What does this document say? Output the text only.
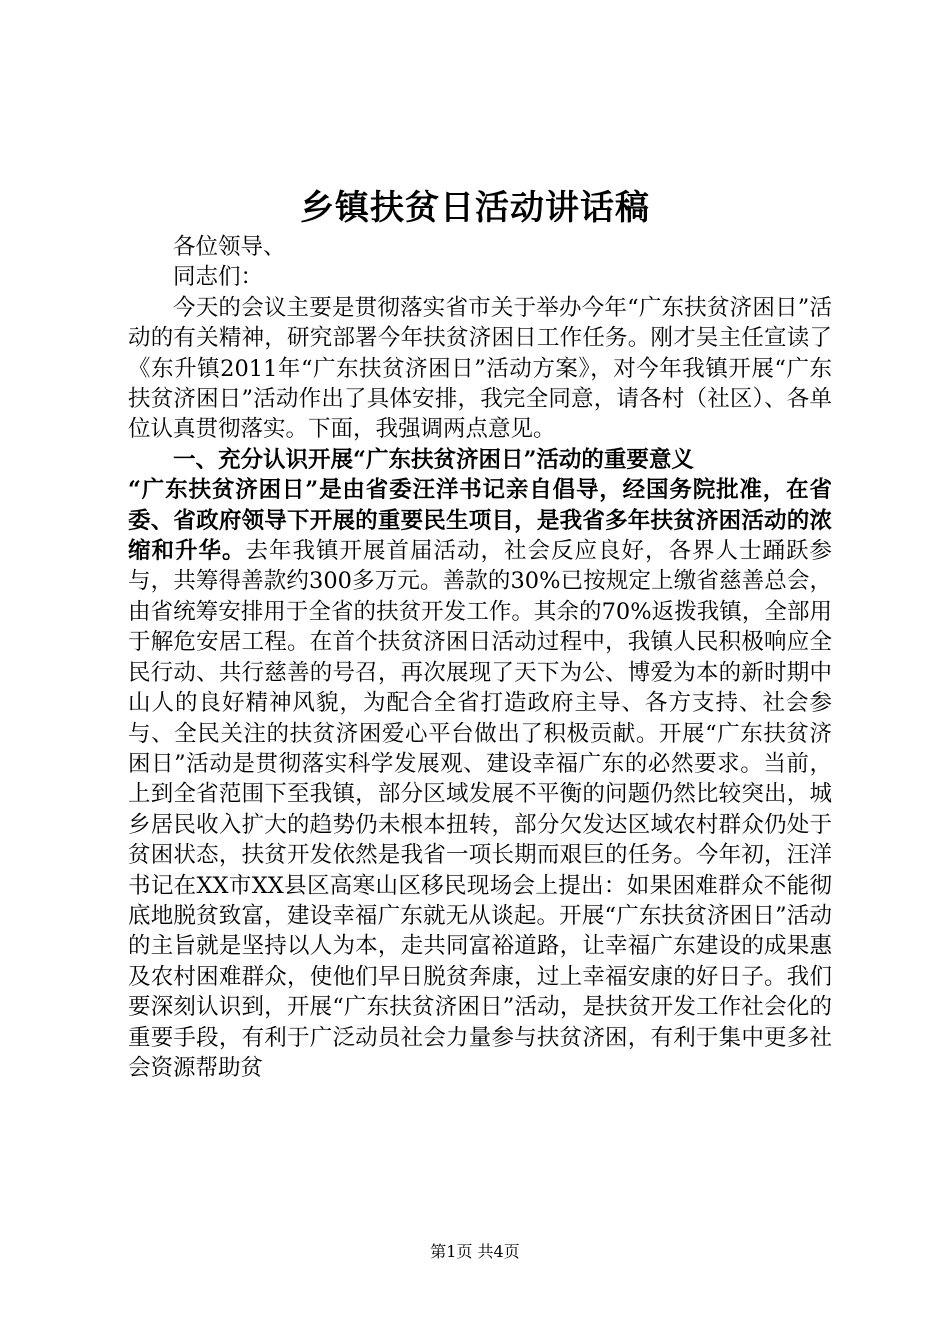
乡镇扶贫日活动讲话稿

各位领导、

同志们：

今天的会议主要是贯彻落实省市关于举办今年“广东扶贫济困日”活动的有关精神，研究部署今年扶贫济困日工作任务。刚才吴主任宣读了《东升镇2011年“广东扶贫济困日”活动方案》，对今年我镇开展“广东扶贫济困日”活动作出了具体安排，我完全同意，请各村（社区）、各单位认真贯彻落实。下面，我强调两点意见。

一、充分认识开展“广东扶贫济困日”活动的重要意义

“广东扶贫济困日”是由省委汪洋书记亲自倡导，经国务院批准，在省委、省政府领导下开展的重要民生项目，是我省多年扶贫济困活动的浓缩和升华。去年我镇开展首届活动，社会反应良好，各界人士踊跃参与，共筹得善款约300多万元。善款的30%已按规定上缴省慈善总会，由省统筹安排用于全省的扶贫开发工作。其余的70%返拨我镇，全部用于解危安居工程。在首个扶贫济困日活动过程中，我镇人民积极响应全民行动、共行慈善的号召，再次展现了天下为公、博爱为本的新时期中山人的良好精神风貌，为配合全省打造政府主导、各方支持、社会参与、全民关注的扶贫济困爱心平台做出了积极贡献。开展“广东扶贫济困日”活动是贯彻落实科学发展观、建设幸福广东的必然要求。当前，上到全省范围下至我镇，部分区域发展不平衡的问题仍然比较突出，城乡居民收入扩大的趋势仍未根本扭转，部分欠发达区域农村群众仍处于贫困状态，扶贫开发依然是我省一项长期而艰巨的任务。今年初，汪洋书记在XX市XX县区高寒山区移民现场会上提出：如果困难群众不能彻底地脱贫致富，建设幸福广东就无从谈起。开展“广东扶贫济困日”活动的主旨就是坚持以人为本，走共同富裕道路，让幸福广东建设的成果惠及农村困难群众，使他们早日脱贫奔康，过上幸福安康的好日子。我们要深刻认识到，开展“广东扶贫济困日”活动，是扶贫开发工作社会化的重要手段，有利于广泛动员社会力量参与扶贫济困，有利于集中更多社会资源帮助贫

第1页 共4页
